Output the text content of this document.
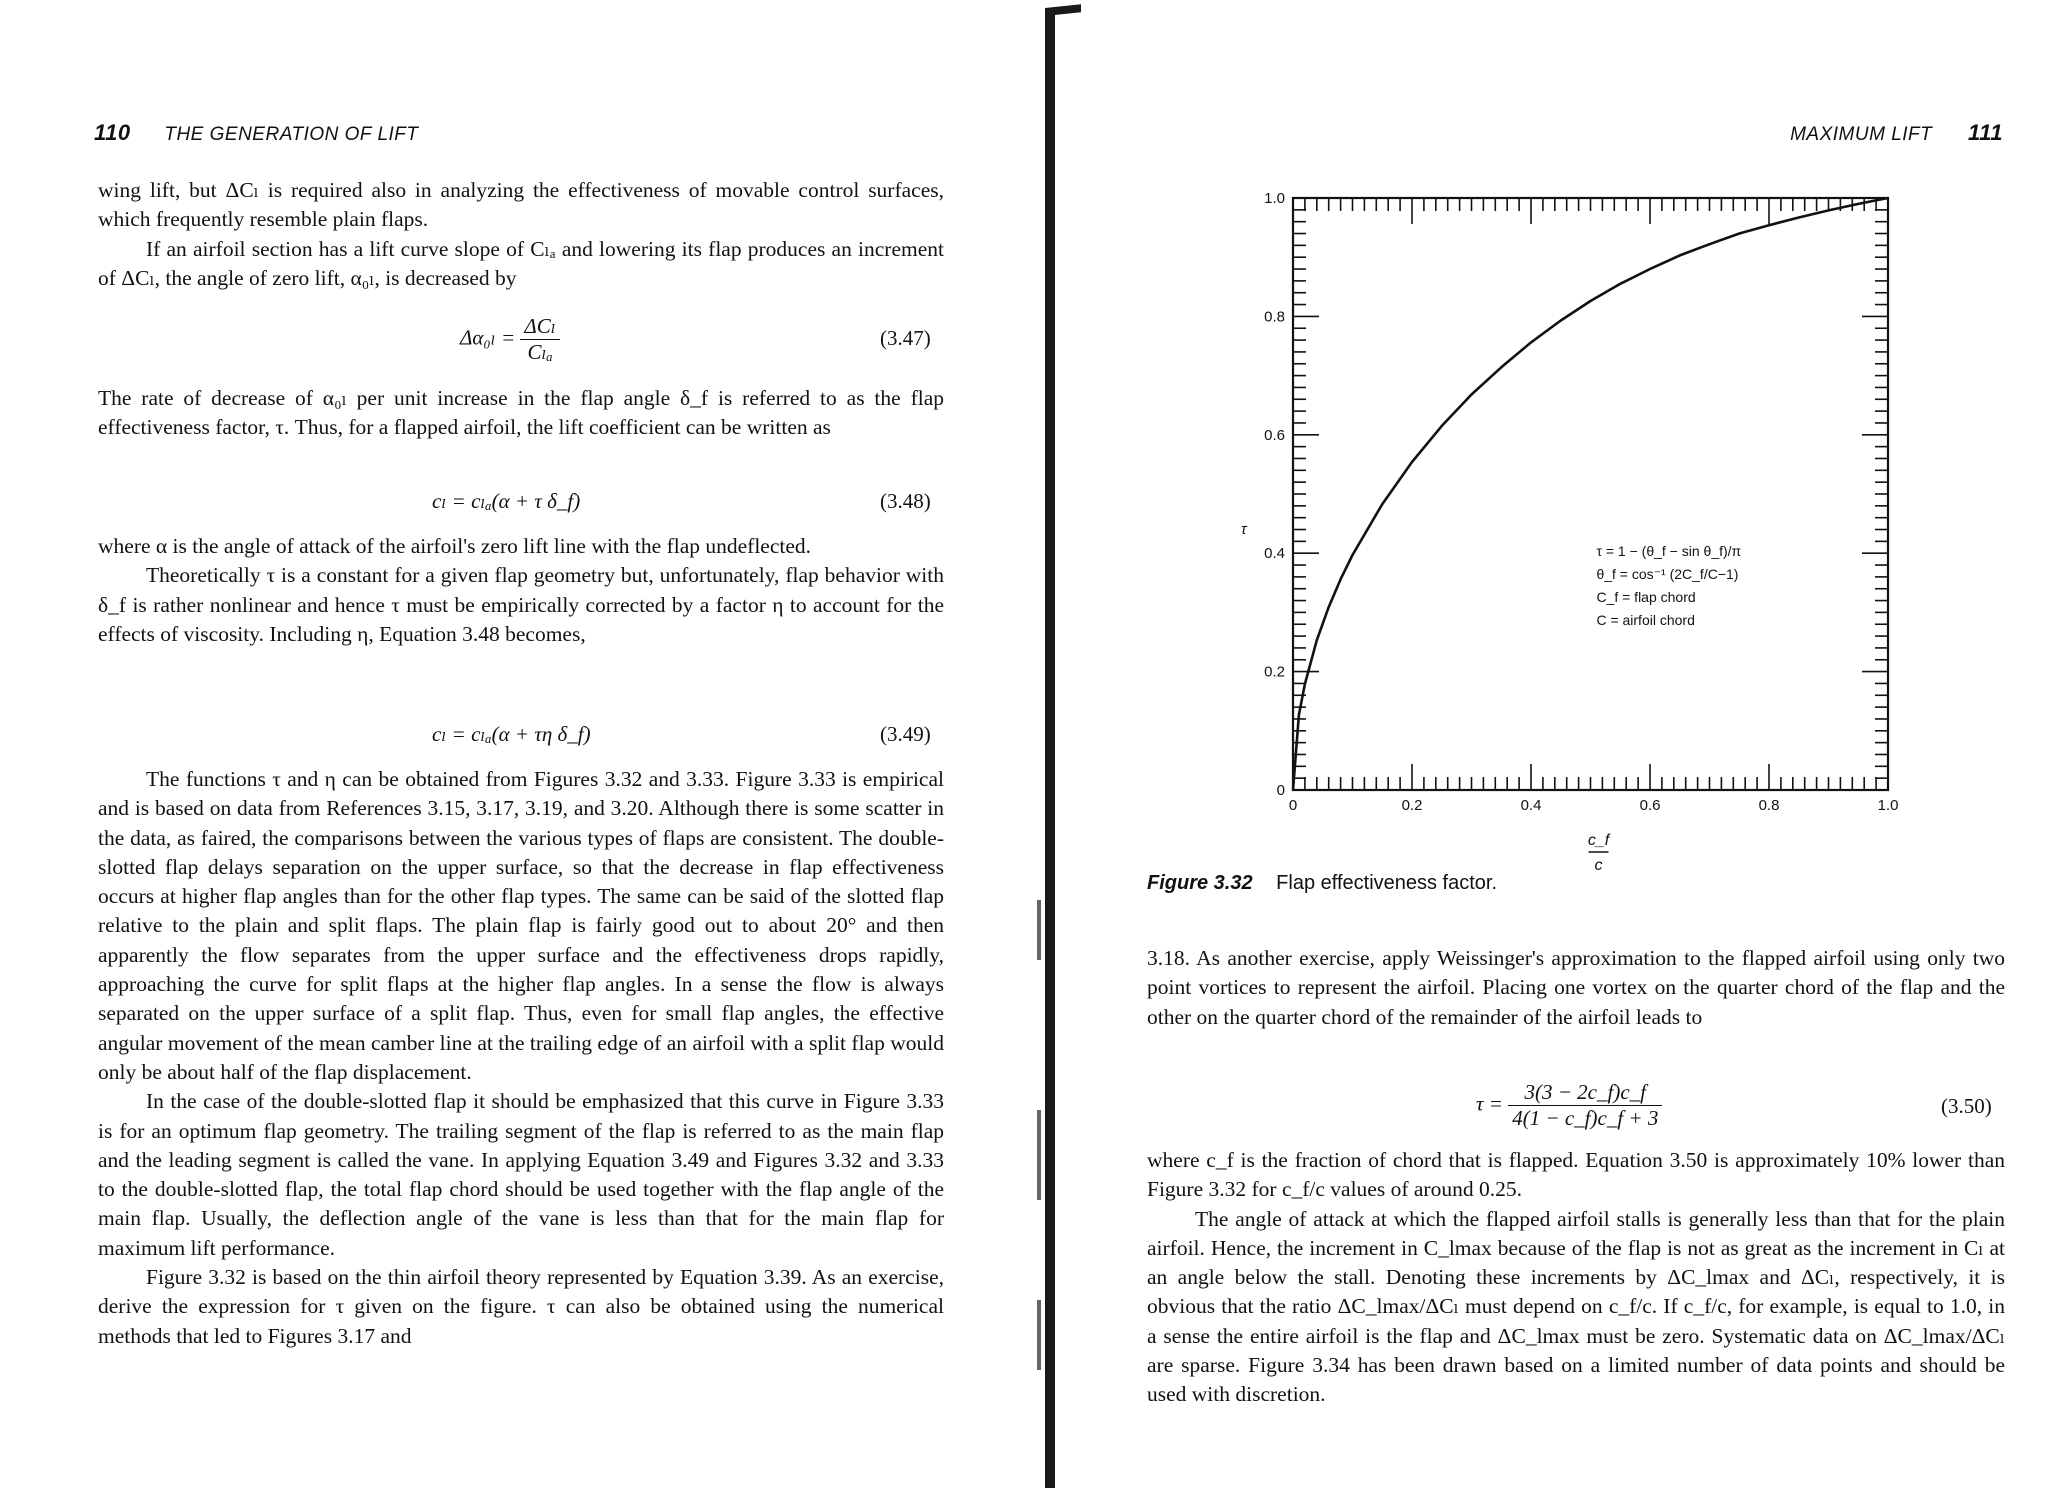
110 THE GENERATION OF LIFT

wing lift, but ΔCₗ is required also in analyzing the effectiveness of movable control surfaces, which frequently resemble plain flaps.

If an airfoil section has a lift curve slope of Cₗₐ and lowering its flap produces an increment of ΔCₗ, the angle of zero lift, α₀ₗ, is decreased by

$\Delta\alpha_{0l} = \frac{\text{ΔCₗ}}{\text{Cₗₐ}}$	(3.47)

The rate of decrease of α₀ₗ per unit increase in the flap angle δ_f is referred to as the flap effectiveness factor, τ. Thus, for a flapped airfoil, the lift coefficient can be written as

cₗ = cₗₐ(α + τ δ_f)	(3.48)

where α is the angle of attack of the airfoil's zero lift line with the flap undeflected.

Theoretically τ is a constant for a given flap geometry but, unfortunately, flap behavior with δ_f is rather nonlinear and hence τ must be empirically corrected by a factor η to account for the effects of viscosity. Including η, Equation 3.48 becomes,

cₗ = cₗₐ(α + τη δ_f)	(3.49)

The functions τ and η can be obtained from Figures 3.32 and 3.33. Figure 3.33 is empirical and is based on data from References 3.15, 3.17, 3.19, and 3.20. Although there is some scatter in the data, as faired, the comparisons between the various types of flaps are consistent. The double-slotted flap delays separation on the upper surface, so that the decrease in flap effectiveness occurs at higher flap angles than for the other flap types. The same can be said of the slotted flap relative to the plain and split flaps. The plain flap is fairly good out to about 20° and then apparently the flow separates from the upper surface and the effectiveness drops rapidly, approaching the curve for split flaps at the higher flap angles. In a sense the flow is always separated on the upper surface of a split flap. Thus, even for small flap angles, the effective angular movement of the mean camber line at the trailing edge of an airfoil with a split flap would only be about half of the flap displacement.

In the case of the double-slotted flap it should be emphasized that this curve in Figure 3.33 is for an optimum flap geometry. The trailing segment of the flap is referred to as the main flap and the leading segment is called the vane. In applying Equation 3.49 and Figures 3.32 and 3.33 to the double-slotted flap, the total flap chord should be used together with the flap angle of the main flap. Usually, the deflection angle of the vane is less than that for the main flap for maximum lift performance.

Figure 3.32 is based on the thin airfoil theory represented by Equation 3.39. As an exercise, derive the expression for τ given on the figure. τ can also be obtained using the numerical methods that led to Figures 3.17 and

MAXIMUM LIFT 111
0	0.2	0.4	0.6	0.8	1.0
0
0.2
0.4
0.6
0.8
1.0
τ
c_f
c
τ = 1 − (θ_f − sin θ_f)/π
θ_f = cos⁻¹ (2C_f/C−1)
C_f = flap chord
C = airfoil chord
Figure 3.32 Flap effectiveness factor.

3.18. As another exercise, apply Weissinger's approximation to the flapped airfoil using only two point vortices to represent the airfoil. Placing one vortex on the quarter chord of the flap and the other on the quarter chord of the remainder of the airfoil leads to

$\tau = \frac{3(3 - 2c\_f)c\_f}{4(1 - c\_f)c\_f + 3}$	(3.50)

where c_f is the fraction of chord that is flapped. Equation 3.50 is approximately 10% lower than Figure 3.32 for c_f/c values of around 0.25.

The angle of attack at which the flapped airfoil stalls is generally less than that for the plain airfoil. Hence, the increment in C_lmax because of the flap is not as great as the increment in Cₗ at an angle below the stall. Denoting these increments by ΔC_lmax and ΔCₗ, respectively, it is obvious that the ratio ΔC_lmax/ΔCₗ must depend on c_f/c. If c_f/c, for example, is equal to 1.0, in a sense the entire airfoil is the flap and ΔC_lmax must be zero. Systematic data on ΔC_lmax/ΔCₗ are sparse. Figure 3.34 has been drawn based on a limited number of data points and should be used with discretion.
